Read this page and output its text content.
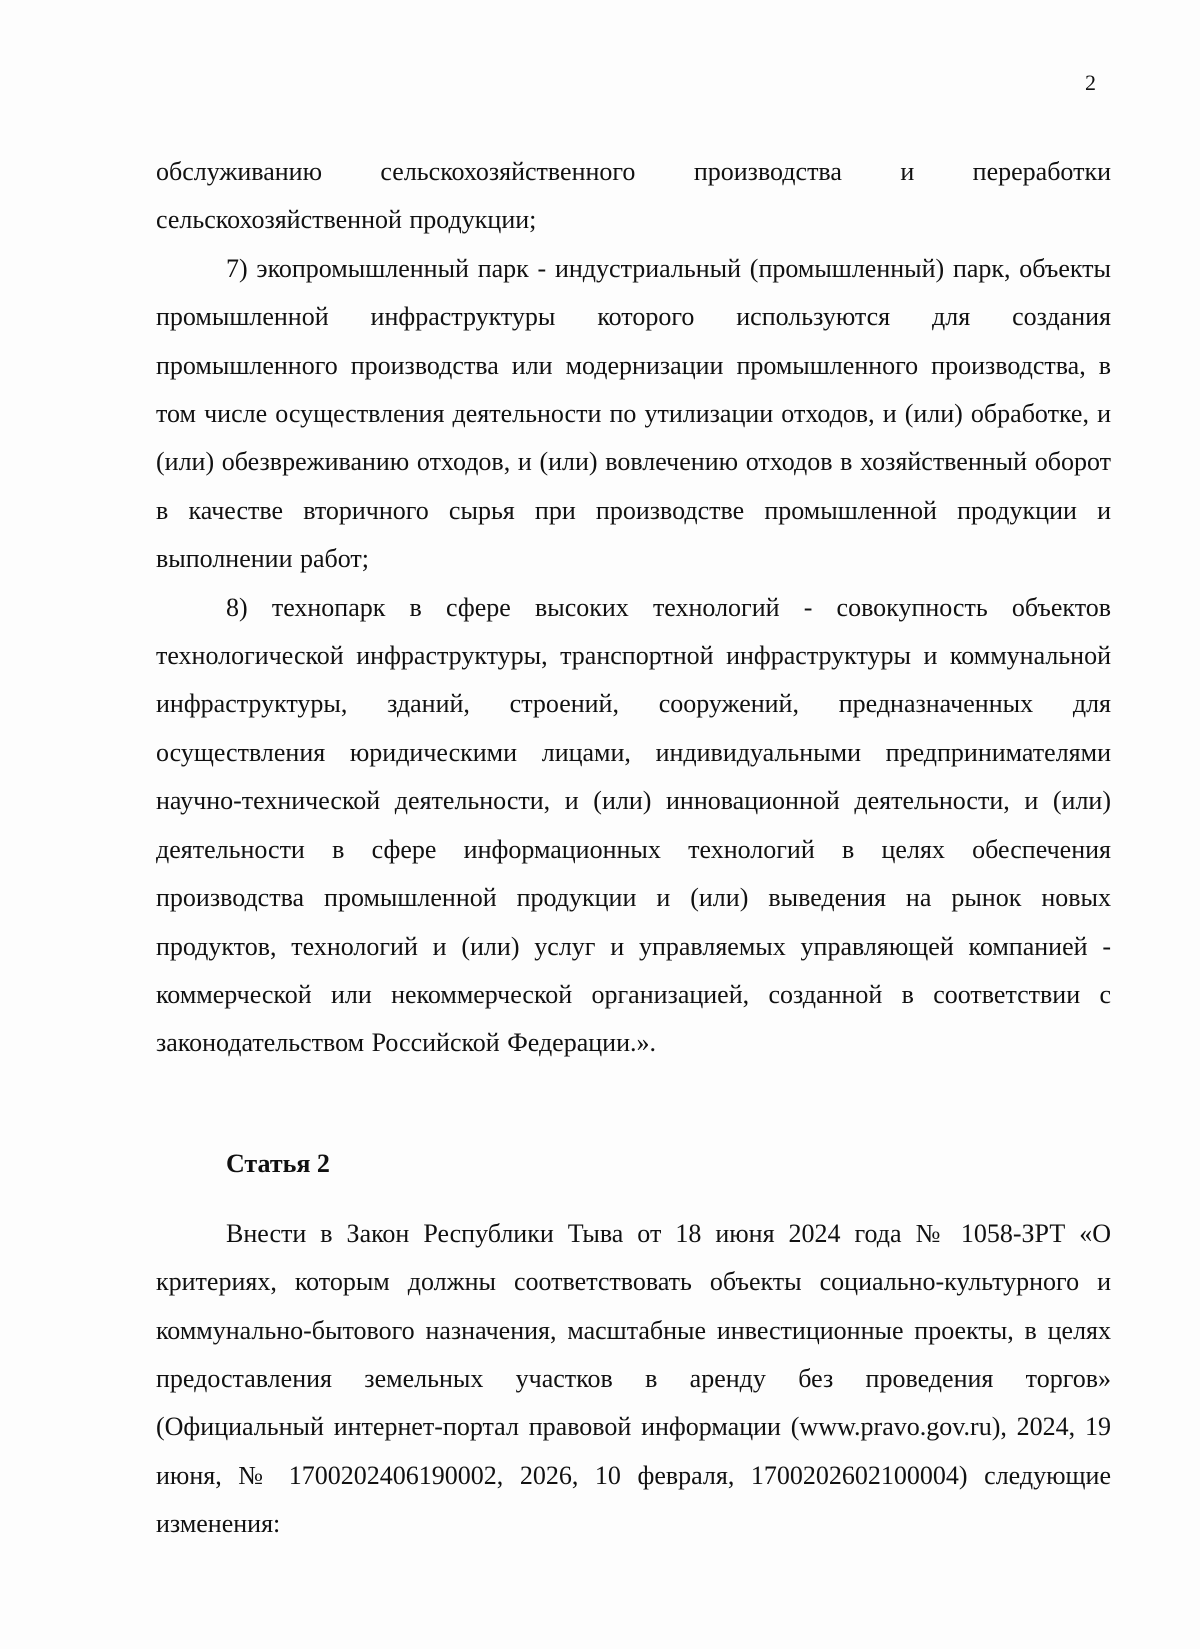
2

обслуживанию сельскохозяйственного производства и переработки сельскохозяйственной продукции;

7) экопромышленный парк - индустриальный (промышленный) парк, объекты промышленной инфраструктуры которого используются для создания промышленного производства или модернизации промышленного производства, в том числе осуществления деятельности по утилизации отходов, и (или) обработке, и (или) обезвреживанию отходов, и (или) вовлечению отходов в хозяйственный оборот в качестве вторичного сырья при производстве промышленной продукции и выполнении работ;

8) технопарк в сфере высоких технологий - совокупность объектов технологической инфраструктуры, транспортной инфраструктуры и коммунальной инфраструктуры, зданий, строений, сооружений, предназначенных для осуществления юридическими лицами, индивидуальными предпринимателями научно-технической деятельности, и (или) инновационной деятельности, и (или) деятельности в сфере информационных технологий в целях обеспечения производства промышленной продукции и (или) выведения на рынок новых продуктов, технологий и (или) услуг и управляемых управляющей компанией - коммерческой или некоммерческой организацией, созданной в соответствии с законодательством Российской Федерации.».

Статья 2

Внести в Закон Республики Тыва от 18 июня 2024 года № 1058-ЗРТ «О критериях, которым должны соответствовать объекты социально-культурного и коммунально-бытового назначения, масштабные инвестиционные проекты, в целях предоставления земельных участков в аренду без проведения торгов» (Официальный интернет-портал правовой информации (www.pravo.gov.ru), 2024, 19 июня, № 1700202406190002, 2026, 10 февраля, 1700202602100004) следующие изменения:
